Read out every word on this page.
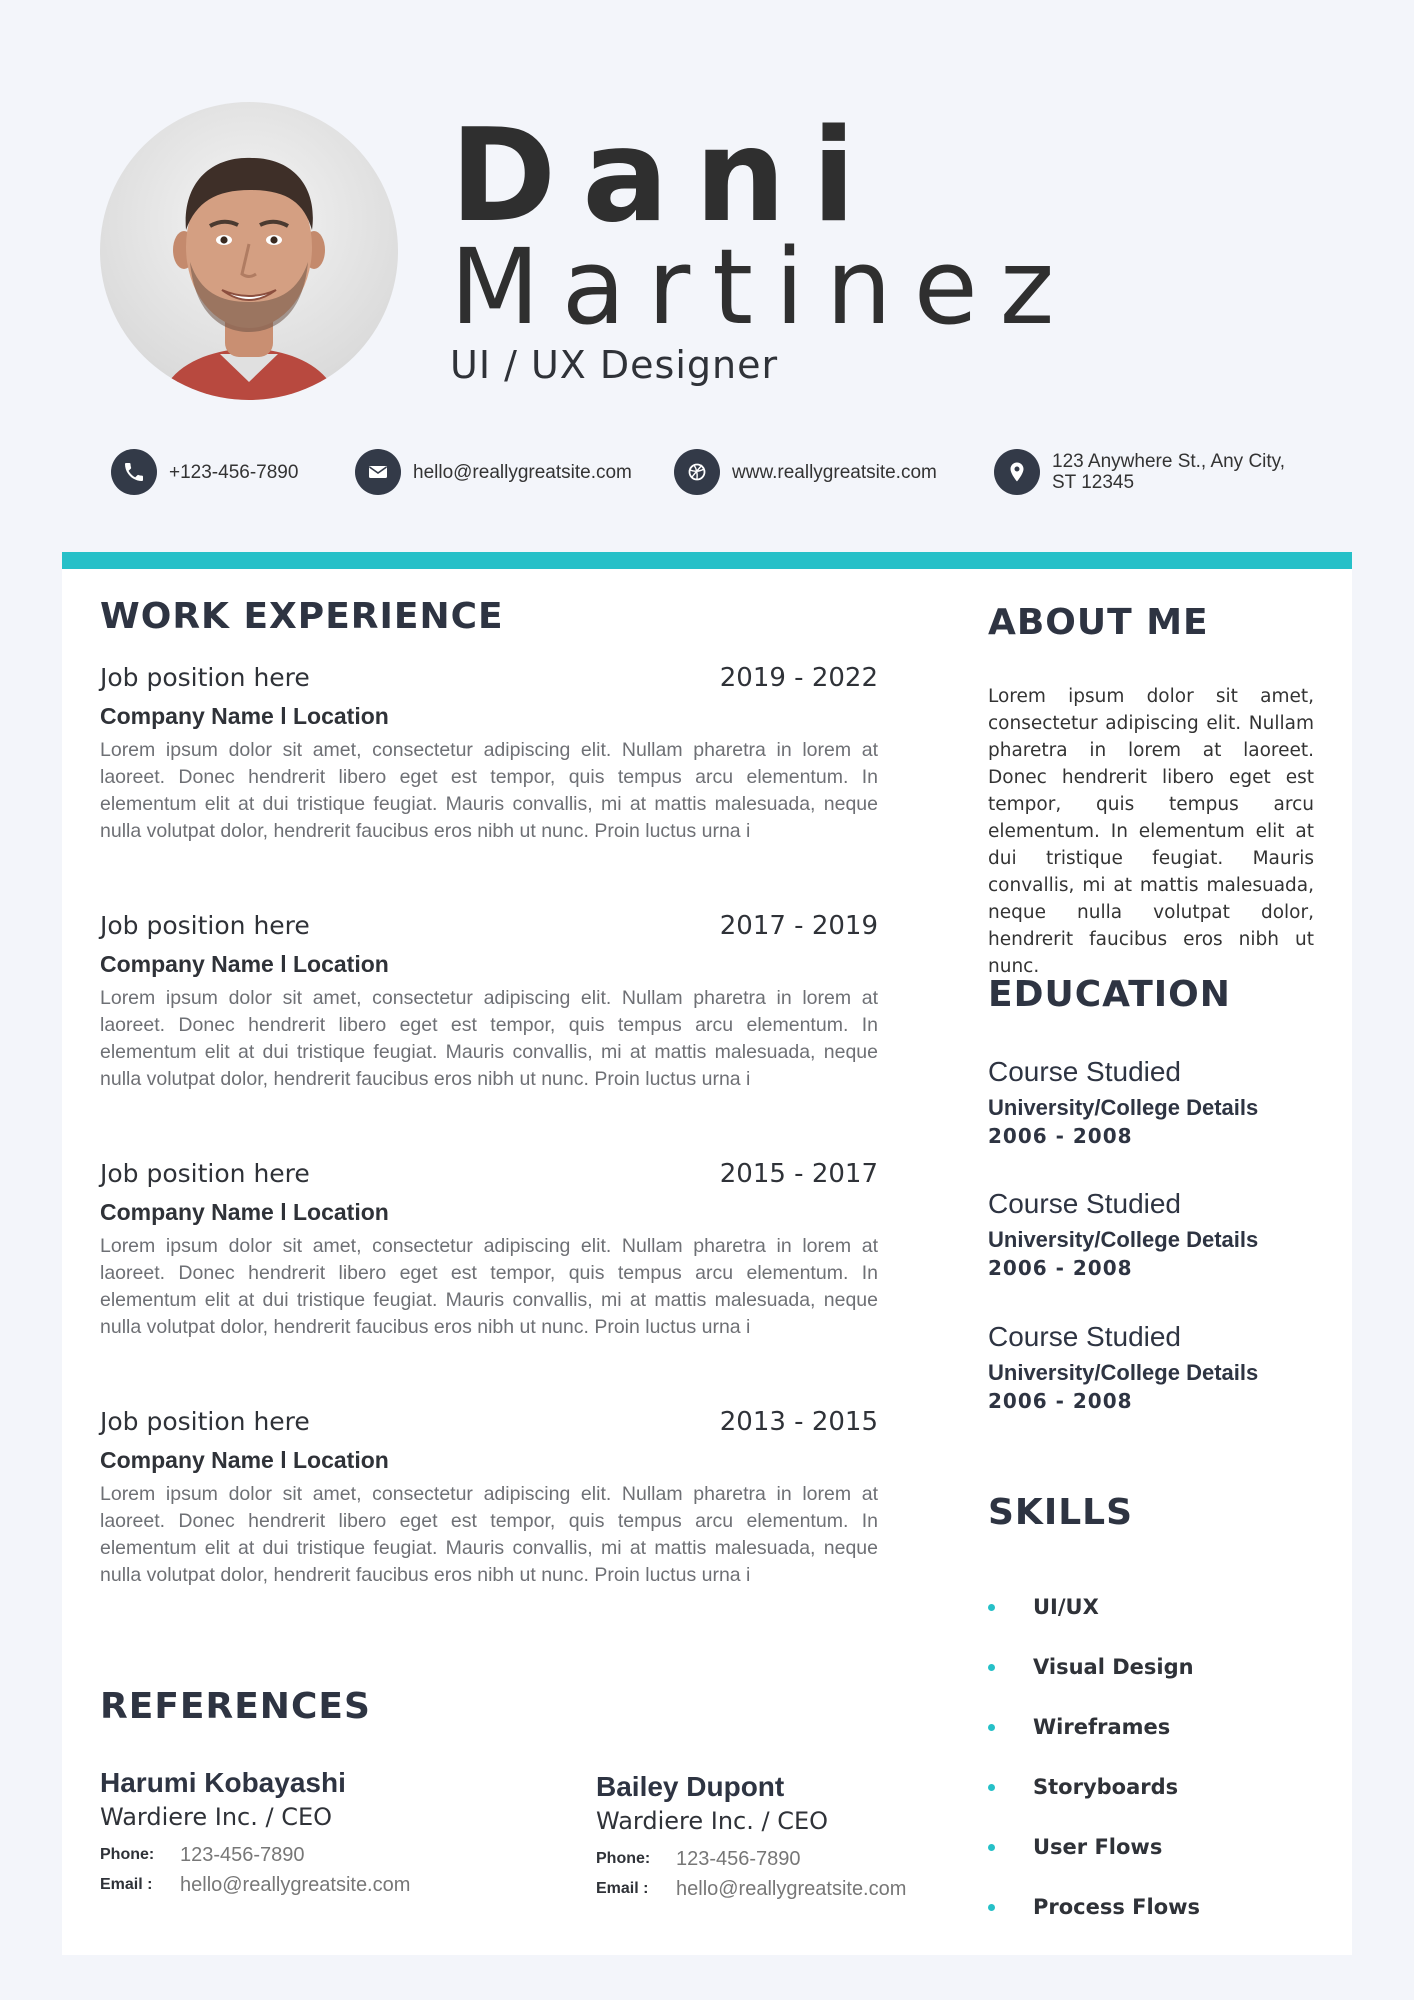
Dani
Martinez
UI / UX Designer
+123-456-7890	hello@reallygreatsite.com	www.reallygreatsite.com	123 Anywhere St., Any City, ST 12345
WORK EXPERIENCE
Job position here	2019 - 2022
Company Name l Location
Lorem ipsum dolor sit amet, consectetur adipiscing elit. Nullam pharetra in lorem at laoreet. Donec hendrerit libero eget est tempor, quis tempus arcu elementum. In elementum elit at dui tristique feugiat. Mauris convallis, mi at mattis malesuada, neque nulla volutpat dolor, hendrerit faucibus eros nibh ut nunc. Proin luctus urna i
Job position here	2017 - 2019
Company Name l Location
Lorem ipsum dolor sit amet, consectetur adipiscing elit. Nullam pharetra in lorem at laoreet. Donec hendrerit libero eget est tempor, quis tempus arcu elementum. In elementum elit at dui tristique feugiat. Mauris convallis, mi at mattis malesuada, neque nulla volutpat dolor, hendrerit faucibus eros nibh ut nunc. Proin luctus urna i
Job position here	2015 - 2017
Company Name l Location
Lorem ipsum dolor sit amet, consectetur adipiscing elit. Nullam pharetra in lorem at laoreet. Donec hendrerit libero eget est tempor, quis tempus arcu elementum. In elementum elit at dui tristique feugiat. Mauris convallis, mi at mattis malesuada, neque nulla volutpat dolor, hendrerit faucibus eros nibh ut nunc. Proin luctus urna i
Job position here	2013 - 2015
Company Name l Location
Lorem ipsum dolor sit amet, consectetur adipiscing elit. Nullam pharetra in lorem at laoreet. Donec hendrerit libero eget est tempor, quis tempus arcu elementum. In elementum elit at dui tristique feugiat. Mauris convallis, mi at mattis malesuada, neque nulla volutpat dolor, hendrerit faucibus eros nibh ut nunc. Proin luctus urna i
REFERENCES
Harumi Kobayashi
Wardiere Inc. / CEO
Phone:	123-456-7890
Email :	hello@reallygreatsite.com
Bailey Dupont
Wardiere Inc. / CEO
Phone:	123-456-7890
Email :	hello@reallygreatsite.com
ABOUT ME
Lorem ipsum dolor sit amet, consectetur adipiscing elit. Nullam pharetra in lorem at laoreet. Donec hendrerit libero eget est tempor, quis tempus arcu elementum. In elementum elit at dui tristique feugiat. Mauris convallis, mi at mattis malesuada, neque nulla volutpat dolor, hendrerit faucibus eros nibh ut nunc.
EDUCATION
Course Studied
University/College Details
2006 - 2008
Course Studied
University/College Details
2006 - 2008
Course Studied
University/College Details
2006 - 2008
SKILLS
UI/UX
Visual Design
Wireframes
Storyboards
User Flows
Process Flows
